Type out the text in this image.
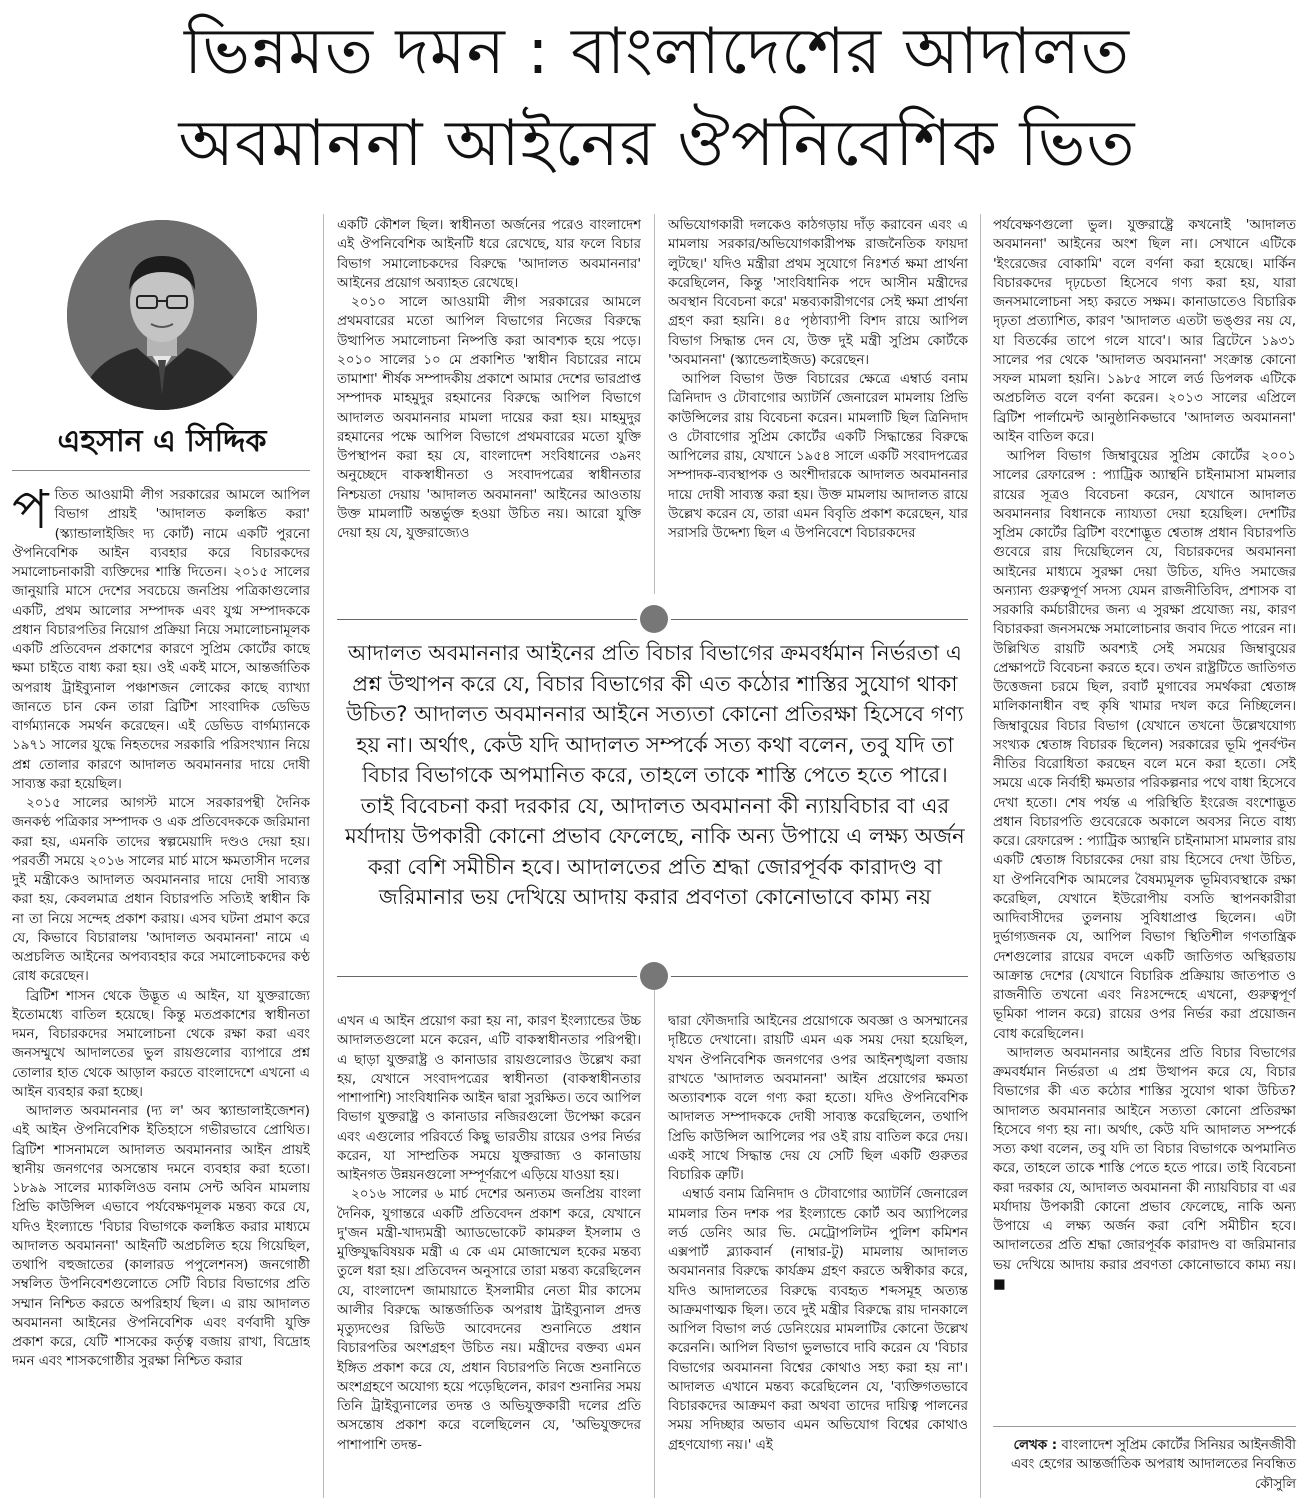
ভিন্নমত দমন : বাংলাদেশের আদালত
অবমাননা আইনের ঔপনিবেশিক ভিত
এহসান এ সিদ্দিক

পতিত আওয়ামী লীগ সরকারের আমলে আপিল বিভাগ প্রায়ই 'আদালত কলঙ্কিত করা' (স্ক্যান্ডালাইজিং দ্য কোর্ট) নামে একটি পুরনো ঔপনিবেশিক আইন ব্যবহার করে বিচারকদের সমালোচনাকারী ব্যক্তিদের শাস্তি দিতেন। ২০১৫ সালের জানুয়ারি মাসে দেশের সবচেয়ে জনপ্রিয় পত্রিকাগুলোর একটি, প্রথম আলোর সম্পাদক এবং যুগ্ম সম্পাদককে প্রধান বিচারপতির নিয়োগ প্রক্রিয়া নিয়ে সমালোচনামূলক একটি প্রতিবেদন প্রকাশের কারণে সুপ্রিম কোর্টের কাছে ক্ষমা চাইতে বাধ্য করা হয়। ওই একই মাসে, আন্তর্জাতিক অপরাধ ট্রাইব্যুনাল পঞ্চাশজন লোকের কাছে ব্যাখ্যা জানতে চান কেন তারা ব্রিটিশ সাংবাদিক ডেভিড বার্গম্যানকে সমর্থন করেছেন। এই ডেভিড বার্গম্যানকে ১৯৭১ সালের যুদ্ধে নিহতদের সরকারি পরিসংখ্যান নিয়ে প্রশ্ন তোলার কারণে আদালত অবমাননার দায়ে দোষী সাব্যস্ত করা হয়েছিল।

২০১৫ সালের আগস্ট মাসে সরকারপন্থী দৈনিক জনকণ্ঠ পত্রিকার সম্পাদক ও এক প্রতিবেদককে জরিমানা করা হয়, এমনকি তাদের স্বল্পমেয়াদি দণ্ডও দেয়া হয়। পরবর্তী সময়ে ২০১৬ সালের মার্চ মাসে ক্ষমতাসীন দলের দুই মন্ত্রীকেও আদালত অবমাননার দায়ে দোষী সাব্যস্ত করা হয়, কেবলমাত্র প্রধান বিচারপতি সত্যিই স্বাধীন কি না তা নিয়ে সন্দেহ প্রকাশ করায়। এসব ঘটনা প্রমাণ করে যে, কিভাবে বিচারালয় 'আদালত অবমাননা' নামে এ অপ্রচলিত আইনের অপব্যবহার করে সমালোচকদের কণ্ঠ রোধ করেছেন।

ব্রিটিশ শাসন থেকে উদ্ভূত এ আইন, যা যুক্তরাজ্যে ইতোমধ্যে বাতিল হয়েছে। কিন্তু মতপ্রকাশের স্বাধীনতা দমন, বিচারকদের সমালোচনা থেকে রক্ষা করা এবং জনসম্মুখে আদালতের ভুল রায়গুলোর ব্যাপারে প্রশ্ন তোলার হাত থেকে আড়াল করতে বাংলাদেশে এখনো এ আইন ব্যবহার করা হচ্ছে।

আদালত অবমাননার (দ্য ল' অব স্ক্যান্ডালাইজেশন) এই আইন ঔপনিবেশিক ইতিহাসে গভীরভাবে প্রোথিত। ব্রিটিশ শাসনামলে আদালত অবমাননার আইন প্রায়ই স্থানীয় জনগণের অসন্তোষ দমনে ব্যবহার করা হতো। ১৮৯৯ সালের ম্যাকলিওড বনাম সেন্ট অবিন মামলায় প্রিভি কাউন্সিল এভাবে পর্যবেক্ষণমূলক মন্তব্য করে যে, যদিও ইংল্যান্ডে 'বিচার বিভাগকে কলঙ্কিত করার মাধ্যমে আদালত অবমাননা' আইনটি অপ্রচলিত হয়ে গিয়েছিল, তথাপি বহুজাতের (কালারড পপুলেশনস) জনগোষ্ঠী সম্বলিত উপনিবেশগুলোতে সেটি বিচার বিভাগের প্রতি সম্মান নিশ্চিত করতে অপরিহার্য ছিল। এ রায় আদালত অবমাননা আইনের ঔপনিবেশিক এবং বর্ণবাদী যুক্তি প্রকাশ করে, যেটি শাসকের কর্তৃত্ব বজায় রাখা, বিদ্রোহ দমন এবং শাসকগোষ্ঠীর সুরক্ষা নিশ্চিত করার

একটি কৌশল ছিল। স্বাধীনতা অর্জনের পরেও বাংলাদেশ এই ঔপনিবেশিক আইনটি ধরে রেখেছে, যার ফলে বিচার বিভাগ সমালোচকদের বিরুদ্ধে 'আদালত অবমাননার' আইনের প্রয়োগ অব্যাহত রেখেছে।

২০১০ সালে আওয়ামী লীগ সরকারের আমলে প্রথমবারের মতো আপিল বিভাগের নিজের বিরুদ্ধে উত্থাপিত সমালোচনা নিষ্পত্তি করা আবশ্যক হয়ে পড়ে। ২০১০ সালের ১০ মে প্রকাশিত 'স্বাধীন বিচারের নামে তামাশা' শীর্ষক সম্পাদকীয় প্রকাশে আমার দেশের ভারপ্রাপ্ত সম্পাদক মাহমুদুর রহমানের বিরুদ্ধে আপিল বিভাগে আদালত অবমাননার মামলা দায়ের করা হয়। মাহমুদুর রহমানের পক্ষে আপিল বিভাগে প্রথমবারের মতো যুক্তি উপস্থাপন করা হয় যে, বাংলাদেশ সংবিধানের ৩৯নং অনুচ্ছেদে বাকস্বাধীনতা ও সংবাদপত্রের স্বাধীনতার নিশ্চয়তা দেয়ায় 'আদালত অবমাননা' আইনের আওতায় উক্ত মামলাটি অন্তর্ভুক্ত হওয়া উচিত নয়। আরো যুক্তি দেয়া হয় যে, যুক্তরাজ্যেও

অভিযোগকারী দলকেও কাঠগড়ায় দাঁড় করাবেন এবং এ মামলায় সরকার/অভিযোগকারীপক্ষ রাজনৈতিক ফায়দা লুটছে।' যদিও মন্ত্রীরা প্রথম সুযোগে নিঃশর্ত ক্ষমা প্রার্থনা করেছিলেন, কিন্তু 'সাংবিধানিক পদে আসীন মন্ত্রীদের অবস্থান বিবেচনা করে' মন্তব্যকারীগণের সেই ক্ষমা প্রার্থনা গ্রহণ করা হয়নি। ৪৫ পৃষ্ঠাব্যাপী বিশদ রায়ে আপিল বিভাগ সিদ্ধান্ত দেন যে, উক্ত দুই মন্ত্রী সুপ্রিম কোর্টকে 'অবমাননা' (স্ক্যান্ডেলাইজড) করেছেন।

আপিল বিভাগ উক্ত বিচারের ক্ষেত্রে এম্বার্ড বনাম ত্রিনিদাদ ও টোবাগোর অ্যাটর্নি জেনারেল মামলায় প্রিভি কাউন্সিলের রায় বিবেচনা করেন। মামলাটি ছিল ত্রিনিদাদ ও টোবাগোর সুপ্রিম কোর্টের একটি সিদ্ধান্তের বিরুদ্ধে আপিলের রায়, যেখানে ১৯৫৪ সালে একটি সংবাদপত্রের সম্পাদক-ব্যবস্থাপক ও অংশীদারকে আদালত অবমাননার দায়ে দোষী সাব্যস্ত করা হয়। উক্ত মামলায় আদালত রায়ে উল্লেখ করেন যে, তারা এমন বিবৃতি প্রকাশ করেছেন, যার সরাসরি উদ্দেশ্য ছিল এ উপনিবেশে বিচারকদের

আদালত অবমাননার আইনের প্রতি বিচার বিভাগের ক্রমবর্ধমান নির্ভরতা এ প্রশ্ন উত্থাপন করে যে, বিচার বিভাগের কী এত কঠোর শাস্তির সুযোগ থাকা উচিত? আদালত অবমাননার আইনে সত্যতা কোনো প্রতিরক্ষা হিসেবে গণ্য হয় না। অর্থাৎ, কেউ যদি আদালত সম্পর্কে সত্য কথা বলেন, তবু যদি তা বিচার বিভাগকে অপমানিত করে, তাহলে তাকে শাস্তি পেতে হতে পারে। তাই বিবেচনা করা দরকার যে, আদালত অবমাননা কী ন্যায়বিচার বা এর মর্যাদায় উপকারী কোনো প্রভাব ফেলেছে, নাকি অন্য উপায়ে এ লক্ষ্য অর্জন করা বেশি সমীচীন হবে। আদালতের প্রতি শ্রদ্ধা জোরপূর্বক কারাদণ্ড বা জরিমানার ভয় দেখিয়ে আদায় করার প্রবণতা কোনোভাবে কাম্য নয়

এখন এ আইন প্রয়োগ করা হয় না, কারণ ইংল্যান্ডের উচ্চ আদালতগুলো মনে করেন, এটি বাকস্বাধীনতার পরিপন্থী। এ ছাড়া যুক্তরাষ্ট্র ও কানাডার রায়গুলোরও উল্লেখ করা হয়, যেখানে সংবাদপত্রের স্বাধীনতা (বাকস্বাধীনতার পাশাপাশি) সাংবিধানিক আইন দ্বারা সুরক্ষিত। তবে আপিল বিভাগ যুক্তরাষ্ট্র ও কানাডার নজিরগুলো উপেক্ষা করেন এবং এগুলোর পরিবর্তে কিছু ভারতীয় রায়ের ওপর নির্ভর করেন, যা সাম্প্রতিক সময়ে যুক্তরাজ্য ও কানাডায় আইনগত উন্নয়নগুলো সম্পূর্ণরূপে এড়িয়ে যাওয়া হয়।

২০১৬ সালের ৬ মার্চ দেশের অন্যতম জনপ্রিয় বাংলা দৈনিক, যুগান্তরে একটি প্রতিবেদন প্রকাশ করে, যেখানে দু'জন মন্ত্রী-খাদ্যমন্ত্রী অ্যাডভোকেট কামরুল ইসলাম ও মুক্তিযুদ্ধবিষয়ক মন্ত্রী এ কে এম মোজাম্মেল হকের মন্তব্য তুলে ধরা হয়। প্রতিবেদন অনুসারে তারা মন্তব্য করেছিলেন যে, বাংলাদেশ জামায়াতে ইসলামীর নেতা মীর কাসেম আলীর বিরুদ্ধে আন্তর্জাতিক অপরাধ ট্রাইব্যুনাল প্রদত্ত মৃত্যুদণ্ডের রিভিউ আবেদনের শুনানিতে প্রধান বিচারপতির অংশগ্রহণ উচিত নয়। মন্ত্রীদের বক্তব্য এমন ইঙ্গিত প্রকাশ করে যে, প্রধান বিচারপতি নিজে শুনানিতে অংশগ্রহণে অযোগ্য হয়ে পড়েছিলেন, কারণ শুনানির সময় তিনি ট্রাইব্যুনালের তদন্ত ও অভিযুক্তকারী দলের প্রতি অসন্তোষ প্রকাশ করে বলেছিলেন যে, 'অভিযুক্তদের পাশাপাশি তদন্ত-

দ্বারা ফৌজদারি আইনের প্রয়োগকে অবজ্ঞা ও অসম্মানের দৃষ্টিতে দেখানো। রায়টি এমন এক সময় দেয়া হয়েছিল, যখন ঔপনিবেশিক জনগণের ওপর আইনশৃঙ্খলা বজায় রাখতে 'আদালত অবমাননা' আইন প্রয়োগের ক্ষমতা অত্যাবশ্যক বলে গণ্য করা হতো। যদিও ঔপনিবেশিক আদালত সম্পাদককে দোষী সাব্যস্ত করেছিলেন, তথাপি প্রিভি কাউন্সিল আপিলের পর ওই রায় বাতিল করে দেয়। একই সাথে সিদ্ধান্ত দেয় যে সেটি ছিল একটি গুরুতর বিচারিক ত্রুটি।

এম্বার্ড বনাম ত্রিনিদাদ ও টোবাগোর অ্যাটর্নি জেনারেল মামলার তিন দশক পর ইংল্যান্ডে কোর্ট অব অ্যাপিলের লর্ড ডেনিং আর ভি. মেট্রোপলিটন পুলিশ কমিশন এক্সপার্ট ব্ল্যাকবার্ন (নাম্বার-টু) মামলায় আদালত অবমাননার বিরুদ্ধে কার্যক্রম গ্রহণ করতে অস্বীকার করে, যদিও আদালতের বিরুদ্ধে ব্যবহৃত শব্দসমূহ অত্যন্ত আক্রমণাত্মক ছিল। তবে দুই মন্ত্রীর বিরুদ্ধে রায় দানকালে আপিল বিভাগ লর্ড ডেনিংয়ের মামলাটির কোনো উল্লেখ করেননি। আপিল বিভাগ ভুলভাবে দাবি করেন যে 'বিচার বিভাগের অবমাননা বিশ্বের কোথাও সহ্য করা হয় না'। আদালত এখানে মন্তব্য করেছিলেন যে, 'ব্যক্তিগতভাবে বিচারকদের আক্রমণ করা অথবা তাদের দায়িত্ব পালনের সময় সদিচ্ছার অভাব এমন অভিযোগ বিশ্বের কোথাও গ্রহণযোগ্য নয়।' এই

পর্যবেক্ষণগুলো ভুল। যুক্তরাষ্ট্রে কখনোই 'আদালত অবমাননা' আইনের অংশ ছিল না। সেখানে এটিকে 'ইংরেজের বোকামি' বলে বর্ণনা করা হয়েছে। মার্কিন বিচারকদের দৃঢ়চেতা হিসেবে গণ্য করা হয়, যারা জনসমালোচনা সহ্য করতে সক্ষম। কানাডাতেও বিচারিক দৃঢ়তা প্রত্যাশিত, কারণ 'আদালত এতটা ভঙ্গুর নয় যে, যা বিতর্কের তাপে গলে যাবে'। আর ব্রিটেনে ১৯৩১ সালের পর থেকে 'আদালত অবমাননা' সংক্রান্ত কোনো সফল মামলা হয়নি। ১৯৮৫ সালে লর্ড ডিপলক এটিকে অপ্রচলিত বলে বর্ণনা করেন। ২০১৩ সালের এপ্রিলে ব্রিটিশ পার্লামেন্ট আনুষ্ঠানিকভাবে 'আদালত অবমাননা' আইন বাতিল করে।

আপিল বিভাগ জিম্বাবুয়ের সুপ্রিম কোর্টের ২০০১ সালের রেফারেন্স : প্যাট্রিক অ্যান্থনি চাইনামাসা মামলার রায়ের সূত্রও বিবেচনা করেন, যেখানে আদালত অবমাননার বিধানকে ন্যায্যতা দেয়া হয়েছিল। দেশটির সুপ্রিম কোর্টের ব্রিটিশ বংশোদ্ভূত শ্বেতাঙ্গ প্রধান বিচারপতি গুবেরে রায় দিয়েছিলেন যে, বিচারকদের অবমাননা আইনের মাধ্যমে সুরক্ষা দেয়া উচিত, যদিও সমাজের অন্যান্য গুরুত্বপূর্ণ সদস্য যেমন রাজনীতিবিদ, প্রশাসক বা সরকারি কর্মচারীদের জন্য এ সুরক্ষা প্রযোজ্য নয়, কারণ বিচারকরা জনসমক্ষে সমালোচনার জবাব দিতে পারেন না। উল্লিখিত রায়টি অবশ্যই সেই সময়ের জিম্বাবুয়ের প্রেক্ষাপটে বিবেচনা করতে হবে। তখন রাষ্ট্রটিতে জাতিগত উত্তেজনা চরমে ছিল, রবার্ট মুগাবের সমর্থকরা শ্বেতাঙ্গ মালিকানাধীন বহু কৃষি খামার দখল করে নিচ্ছিলেন। জিম্বাবুয়ের বিচার বিভাগ (যেখানে তখনো উল্লেখযোগ্য সংখ্যক শ্বেতাঙ্গ বিচারক ছিলেন) সরকারের ভূমি পুনর্বণ্টন নীতির বিরোধিতা করছেন বলে মনে করা হতো। সেই সময়ে একে নির্বাহী ক্ষমতার পরিকল্পনার পথে বাধা হিসেবে দেখা হতো। শেষ পর্যন্ত এ পরিস্থিতি ইংরেজ বংশোদ্ভূত প্রধান বিচারপতি গুবেরেকে অকালে অবসর নিতে বাধ্য করে। রেফারেন্স : প্যাট্রিক অ্যান্থনি চাইনামাসা মামলার রায় একটি শ্বেতাঙ্গ বিচারকের দেয়া রায় হিসেবে দেখা উচিত, যা ঔপনিবেশিক আমলের বৈষম্যমূলক ভূমিব্যবস্থাকে রক্ষা করেছিল, যেখানে ইউরোপীয় বসতি স্থাপনকারীরা আদিবাসীদের তুলনায় সুবিধাপ্রাপ্ত ছিলেন। এটা দুর্ভাগ্যজনক যে, আপিল বিভাগ স্থিতিশীল গণতান্ত্রিক দেশগুলোর রায়ের বদলে একটি জাতিগত অস্থিরতায় আক্রান্ত দেশের (যেখানে বিচারিক প্রক্রিয়ায় জাতপাত ও রাজনীতি তখনো এবং নিঃসন্দেহে এখনো, গুরুত্বপূর্ণ ভূমিকা পালন করে) রায়ের ওপর নির্ভর করা প্রয়োজন বোধ করেছিলেন।

আদালত অবমাননার আইনের প্রতি বিচার বিভাগের ক্রমবর্ধমান নির্ভরতা এ প্রশ্ন উত্থাপন করে যে, বিচার বিভাগের কী এত কঠোর শাস্তির সুযোগ থাকা উচিত? আদালত অবমাননার আইনে সত্যতা কোনো প্রতিরক্ষা হিসেবে গণ্য হয় না। অর্থাৎ, কেউ যদি আদালত সম্পর্কে সত্য কথা বলেন, তবু যদি তা বিচার বিভাগকে অপমানিত করে, তাহলে তাকে শাস্তি পেতে হতে পারে। তাই বিবেচনা করা দরকার যে, আদালত অবমাননা কী ন্যায়বিচার বা এর মর্যাদায় উপকারী কোনো প্রভাব ফেলেছে, নাকি অন্য উপায়ে এ লক্ষ্য অর্জন করা বেশি সমীচীন হবে। আদালতের প্রতি শ্রদ্ধা জোরপূর্বক কারাদণ্ড বা জরিমানার ভয় দেখিয়ে আদায় করার প্রবণতা কোনোভাবে কাম্য নয়। ■

লেখক : বাংলাদেশ সুপ্রিম কোর্টের সিনিয়র আইনজীবী এবং হেগের আন্তর্জাতিক অপরাধ আদালতের নিবন্ধিত কৌসুলি
